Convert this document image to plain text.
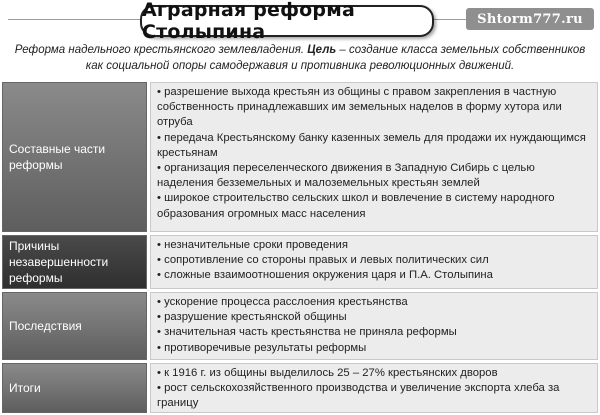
Аграрная реформа Столыпина
Shtorm777.ru
Реформа надельного крестьянского землевладения. Цель – создание класса земельных собственников как социальной опоры самодержавия и противника революционных движений.
Составные части реформы
• разрешение выхода крестьян из общины с правом закрепления в частную собственность принадлежавших им земельных наделов в форму хутора или отруба
• передача Крестьянскому банку казенных земель для продажи их нуждающимся крестьянам
• организация переселенческого движения в Западную Сибирь с целью наделения безземельных и малоземельных крестьян землей
• широкое строительство сельских школ и вовлечение в систему народного образования огромных масс населения
Причины незавершенности реформы
• незначительные сроки проведения
• сопротивление со стороны правых и левых политических сил
• сложные взаимоотношения окружения царя и П.А. Столыпина
Последствия
• ускорение процесса расслоения крестьянства
• разрушение крестьянской общины
• значительная часть крестьянства не приняла реформы
• противоречивые результаты реформы
Итоги
• к 1916 г. из общины выделилось 25 – 27% крестьянских дворов
• рост сельскохозяйственного производства и увеличение экспорта хлеба за границу
